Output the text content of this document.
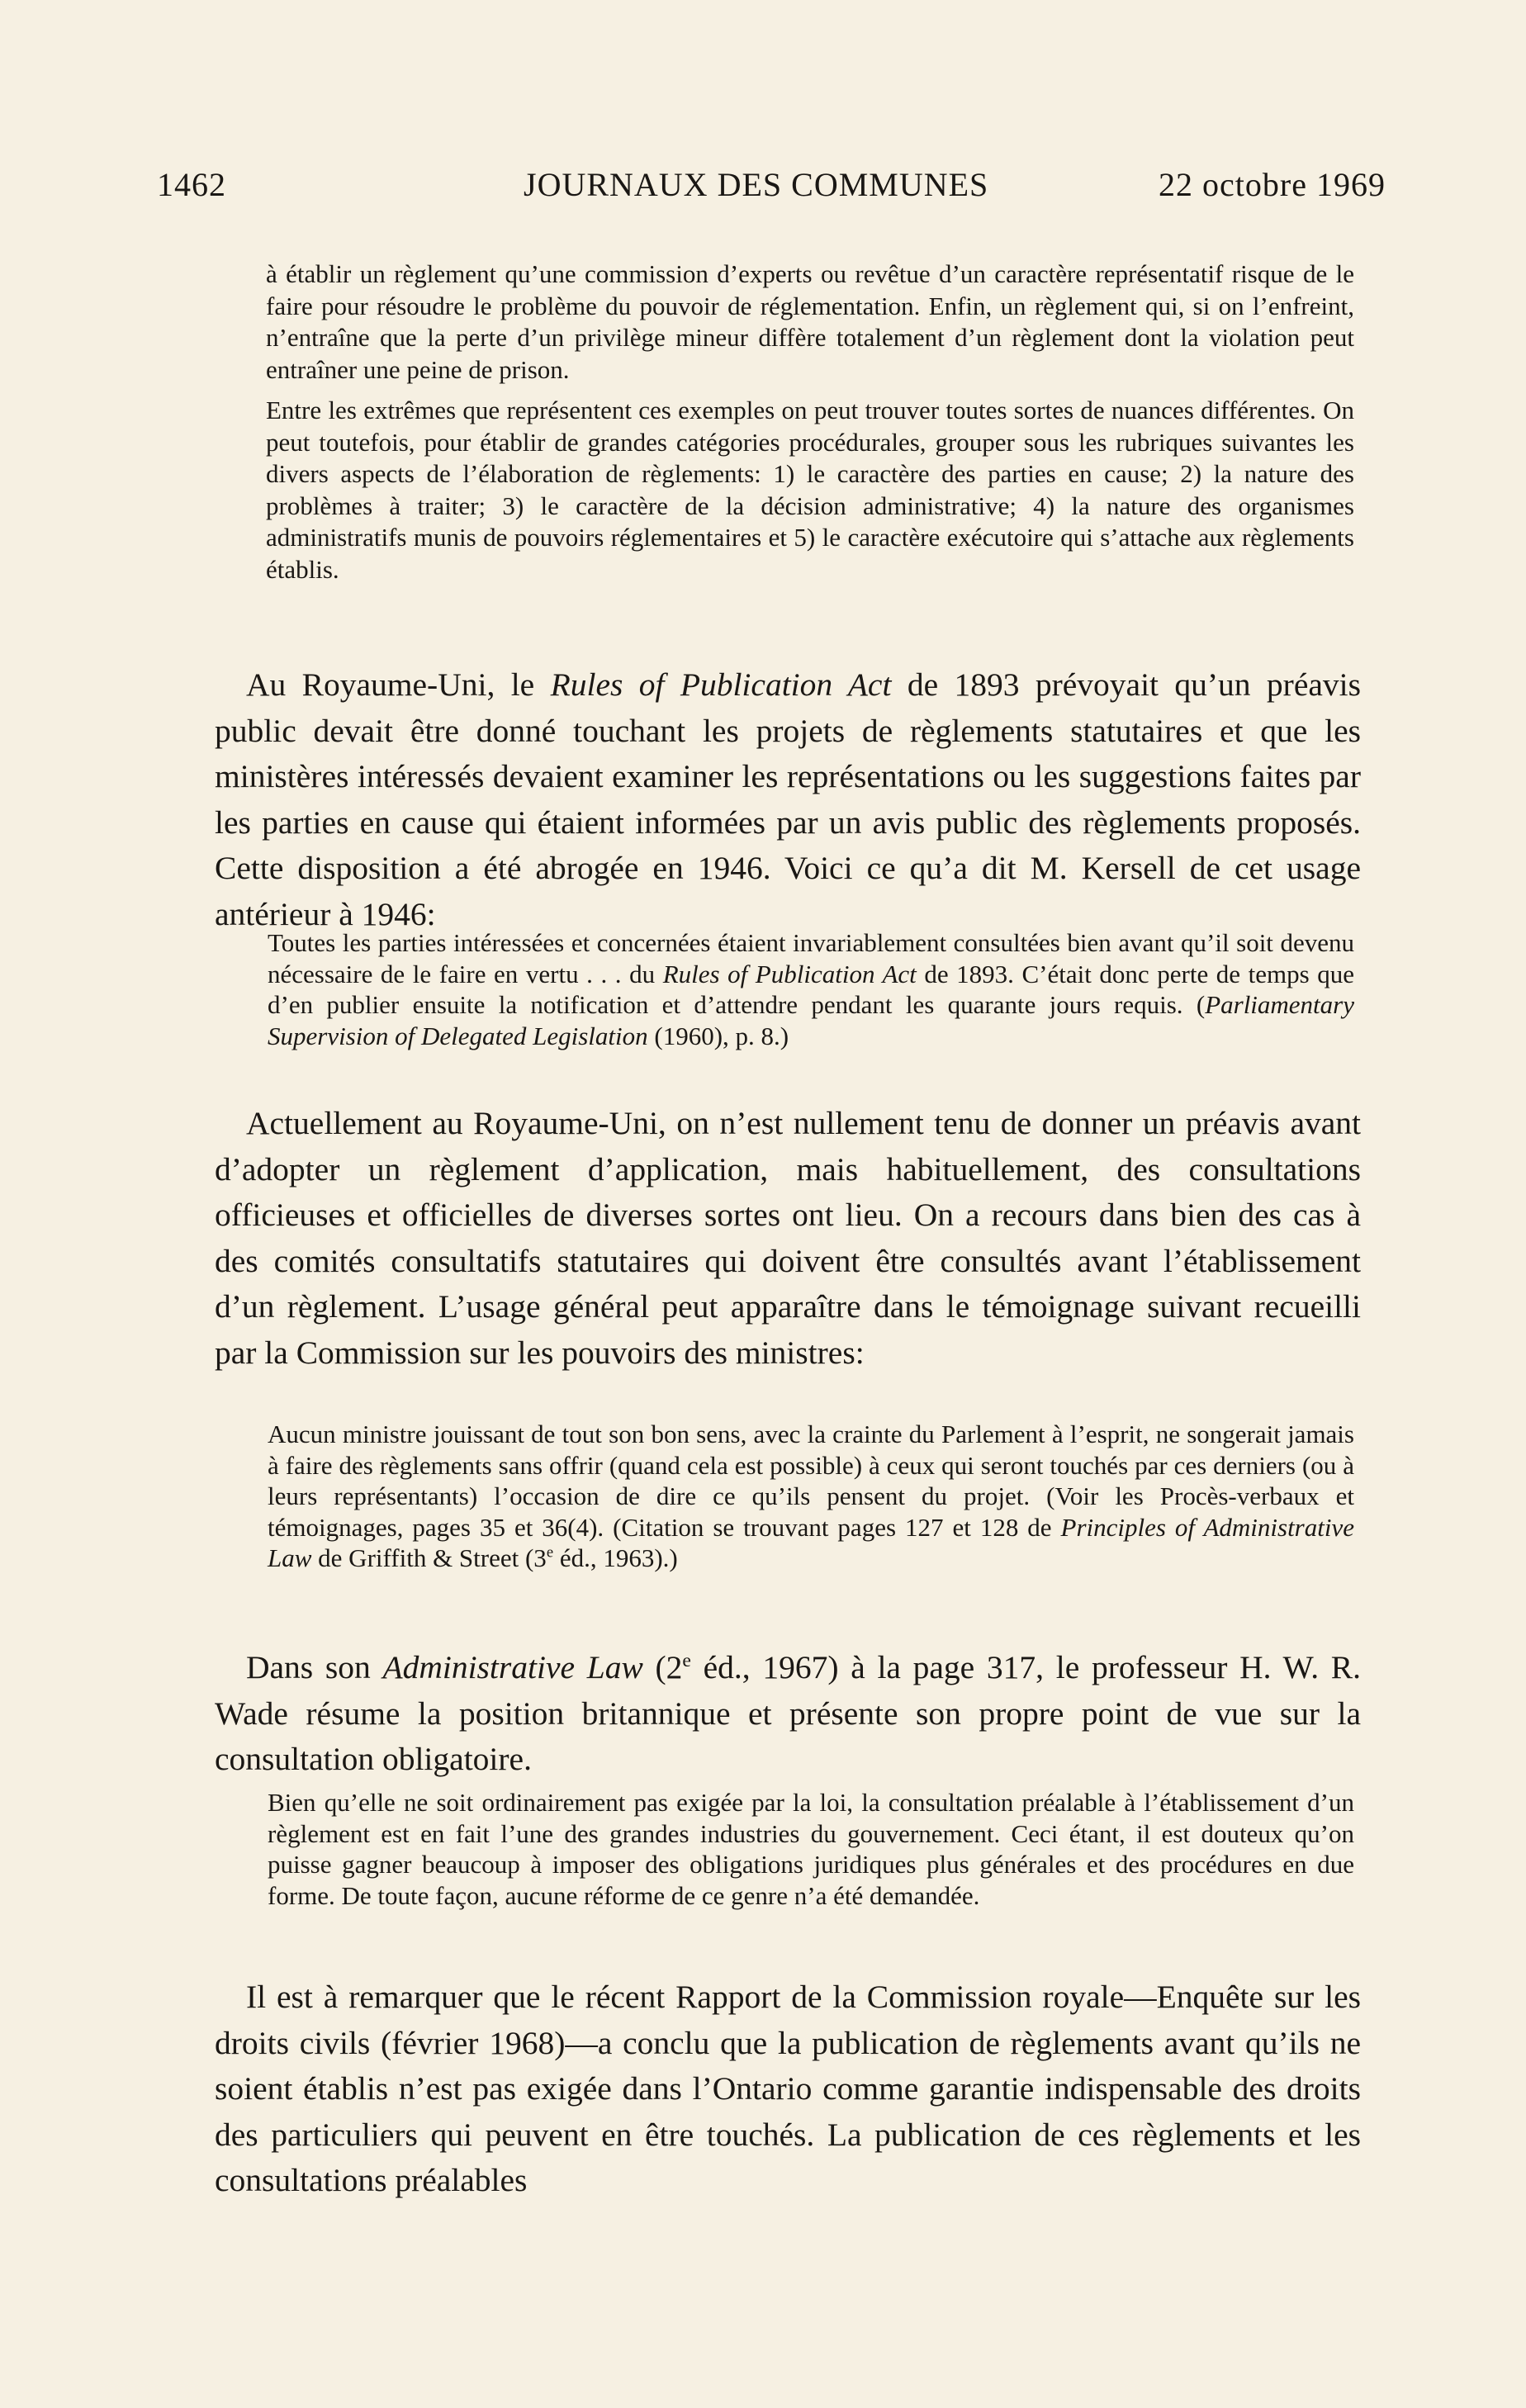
1462	JOURNAUX DES COMMUNES	22 octobre 1969

à établir un règlement qu’une commission d’experts ou revêtue d’un caractère représentatif risque de le faire pour résoudre le problème du pouvoir de réglementation. Enfin, un règlement qui, si on l’enfreint, n’entraîne que la perte d’un privilège mineur diffère totalement d’un règlement dont la violation peut entraîner une peine de prison.

Entre les extrêmes que représentent ces exemples on peut trouver toutes sortes de nuances différentes. On peut toutefois, pour établir de grandes catégories procédurales, grouper sous les rubriques suivantes les divers aspects de l’élaboration de règlements: 1) le caractère des parties en cause; 2) la nature des problèmes à traiter; 3) le caractère de la décision administrative; 4) la nature des organismes administratifs munis de pouvoirs réglementaires et 5) le caractère exécutoire qui s’attache aux règlements établis.

Au Royaume-Uni, le Rules of Publication Act de 1893 prévoyait qu’un préavis public devait être donné touchant les projets de règlements statutaires et que les ministères intéressés devaient examiner les représentations ou les suggestions faites par les parties en cause qui étaient informées par un avis public des règlements proposés. Cette disposition a été abrogée en 1946. Voici ce qu’a dit M. Kersell de cet usage antérieur à 1946:

Toutes les parties intéressées et concernées étaient invariablement consultées bien avant qu’il soit devenu nécessaire de le faire en vertu . . . du Rules of Publication Act de 1893. C’était donc perte de temps que d’en publier ensuite la notification et d’attendre pendant les quarante jours requis. (Parliamentary Supervision of Delegated Legislation (1960), p. 8.)

Actuellement au Royaume-Uni, on n’est nullement tenu de donner un préavis avant d’adopter un règlement d’application, mais habituellement, des consultations officieuses et officielles de diverses sortes ont lieu. On a recours dans bien des cas à des comités consultatifs statutaires qui doivent être consultés avant l’établissement d’un règlement. L’usage général peut apparaître dans le témoignage suivant recueilli par la Commission sur les pouvoirs des ministres:

Aucun ministre jouissant de tout son bon sens, avec la crainte du Parlement à l’esprit, ne songerait jamais à faire des règlements sans offrir (quand cela est possible) à ceux qui seront touchés par ces derniers (ou à leurs représentants) l’occasion de dire ce qu’ils pensent du projet. (Voir les Procès-verbaux et témoignages, pages 35 et 36(4). (Citation se trouvant pages 127 et 128 de Principles of Administrative Law de Griffith & Street (3e éd., 1963).)

Dans son Administrative Law (2e éd., 1967) à la page 317, le professeur H. W. R. Wade résume la position britannique et présente son propre point de vue sur la consultation obligatoire.

Bien qu’elle ne soit ordinairement pas exigée par la loi, la consultation préalable à l’établissement d’un règlement est en fait l’une des grandes industries du gouvernement. Ceci étant, il est douteux qu’on puisse gagner beaucoup à imposer des obligations juridiques plus générales et des procédures en due forme. De toute façon, aucune réforme de ce genre n’a été demandée.

Il est à remarquer que le récent Rapport de la Commission royale—Enquête sur les droits civils (février 1968)—a conclu que la publication de règlements avant qu’ils ne soient établis n’est pas exigée dans l’Ontario comme garantie indispensable des droits des particuliers qui peuvent en être touchés. La publication de ces règlements et les consultations préalables
